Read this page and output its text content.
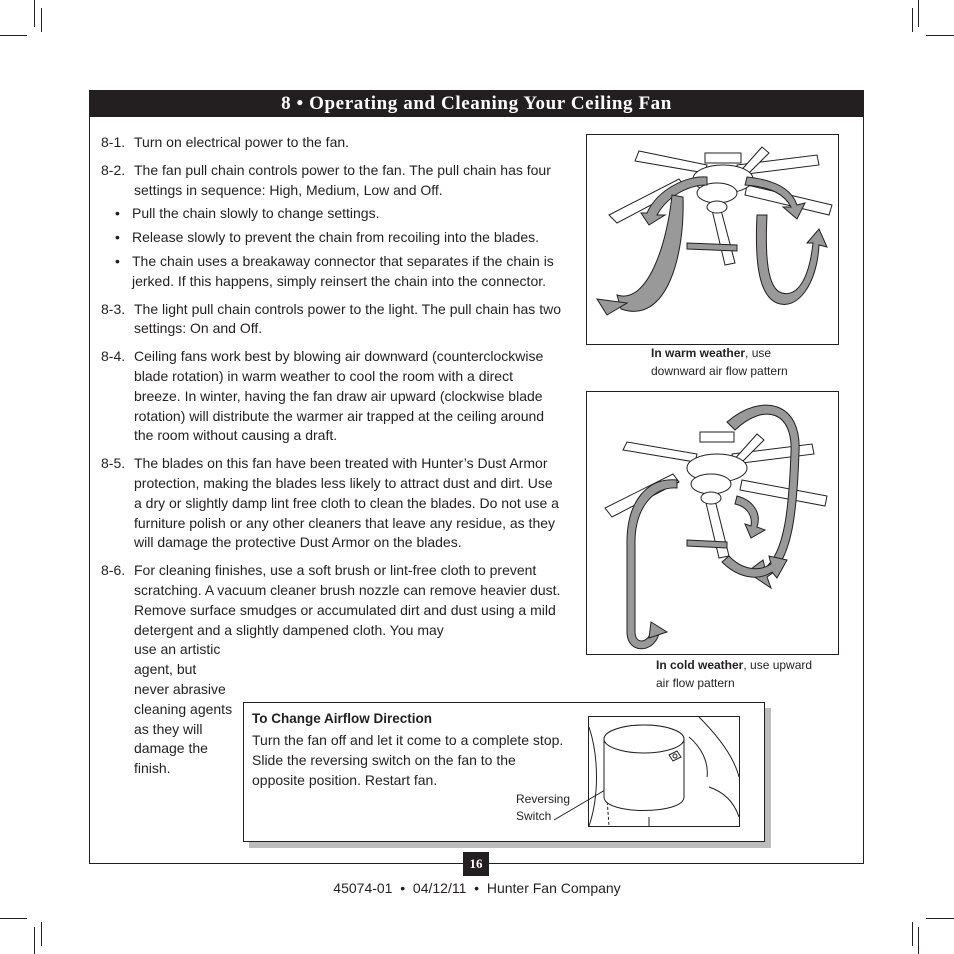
8 • Operating and Cleaning Your Ceiling Fan
8-1. Turn on electrical power to the fan.
8-2. The fan pull chain controls power to the fan. The pull chain has four settings in sequence: High, Medium, Low and Off.
• Pull the chain slowly to change settings.
• Release slowly to prevent the chain from recoiling into the blades.
• The chain uses a breakaway connector that separates if the chain is jerked. If this happens, simply reinsert the chain into the connector.
8-3. The light pull chain controls power to the light. The pull chain has two settings: On and Off.
8-4. Ceiling fans work best by blowing air downward (counterclockwise blade rotation) in warm weather to cool the room with a direct breeze. In winter, having the fan draw air upward (clockwise blade rotation) will distribute the warmer air trapped at the ceiling around the room without causing a draft.
8-5. The blades on this fan have been treated with Hunter’s Dust Armor protection, making the blades less likely to attract dust and dirt. Use a dry or slightly damp lint free cloth to clean the blades. Do not use a furniture polish or any other cleaners that leave any residue, as they will damage the protective Dust Armor on the blades.
8-6. For cleaning finishes, use a soft brush or lint-free cloth to prevent scratching. A vacuum cleaner brush nozzle can remove heavier dust. Remove surface smudges or accumulated dirt and dust using a mild detergent and a slightly dampened cloth. You may
use an artistic agent, but never abrasive cleaning agents as they will damage the finish.
In warm weather, use downward air flow pattern
In cold weather, use upward air flow pattern
To Change Airflow Direction
Turn the fan off and let it come to a complete stop. Slide the reversing switch on the fan to the opposite position. Restart fan.
Reversing
Switch
16
45074-01  •  04/12/11  •  Hunter Fan Company
